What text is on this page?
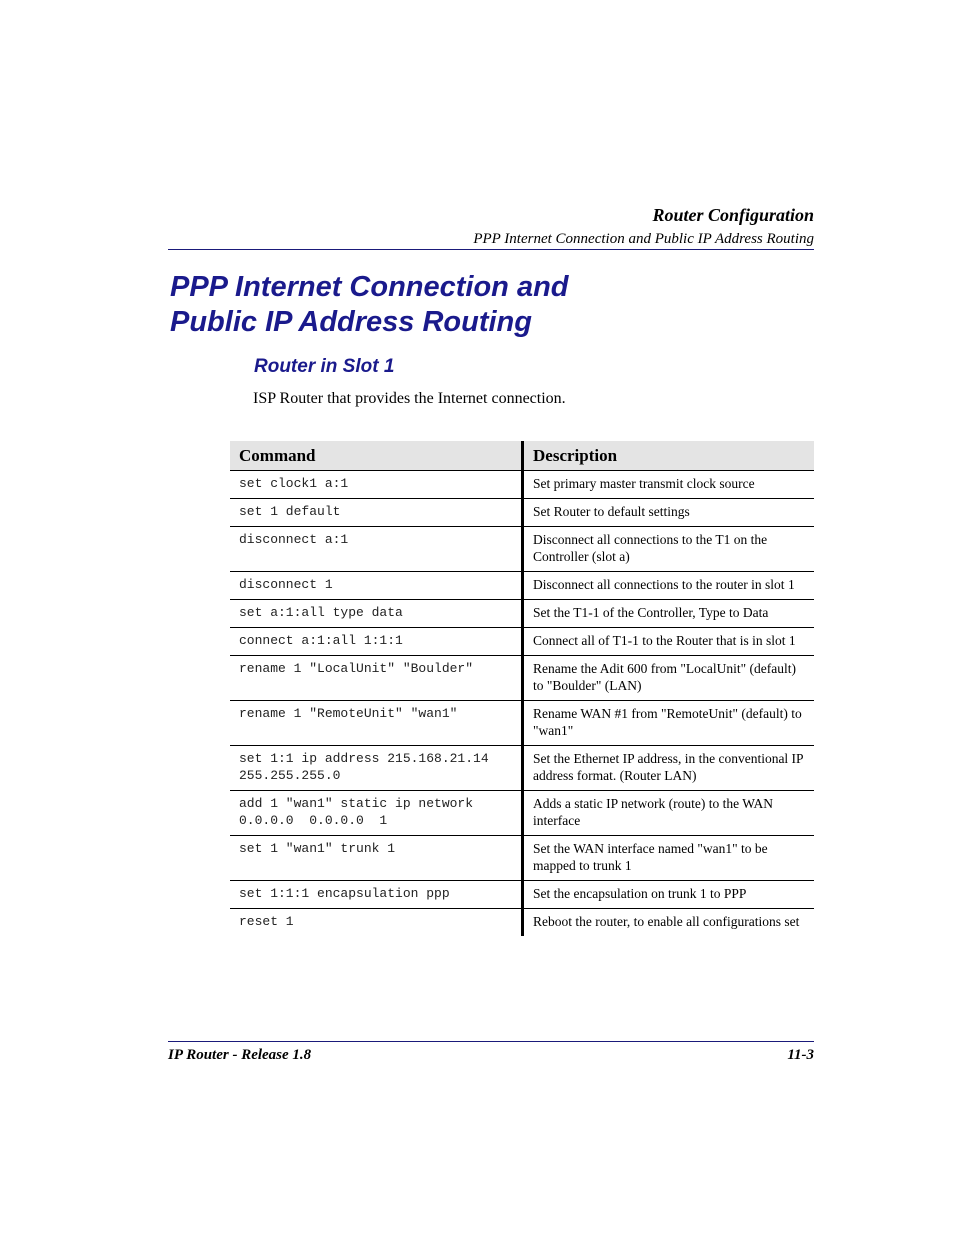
Router Configuration
PPP Internet Connection and Public IP Address Routing
PPP Internet Connection and
Public IP Address Routing
Router in Slot 1
ISP Router that provides the Internet connection.
Command	Description
set clock1 a:1	Set primary master transmit clock source
set 1 default	Set Router to default settings
disconnect a:1	Disconnect all connections to the T1 on the Controller (slot a)
disconnect 1	Disconnect all connections to the router in slot 1
set a:1:all type data	Set the T1-1 of the Controller, Type to Data
connect a:1:all 1:1:1	Connect all of T1-1 to the Router that is in slot 1
rename 1 "LocalUnit" "Boulder"	Rename the Adit 600 from "LocalUnit" (default) to "Boulder" (LAN)
rename 1 "RemoteUnit" "wan1"	Rename WAN #1 from "RemoteUnit" (default) to "wan1"
set 1:1 ip address 215.168.21.14 255.255.255.0	Set the Ethernet IP address, in the conventional IP address format. (Router LAN)
add 1 "wan1" static ip network 0.0.0.0  0.0.0.0  1	Adds a static IP network (route) to the WAN interface
set 1 "wan1" trunk 1	Set the WAN interface named "wan1" to be mapped to trunk 1
set 1:1:1 encapsulation ppp	Set the encapsulation on trunk 1 to PPP
reset 1	Reboot the router, to enable all configurations set
IP Router - Release 1.8	11-3
